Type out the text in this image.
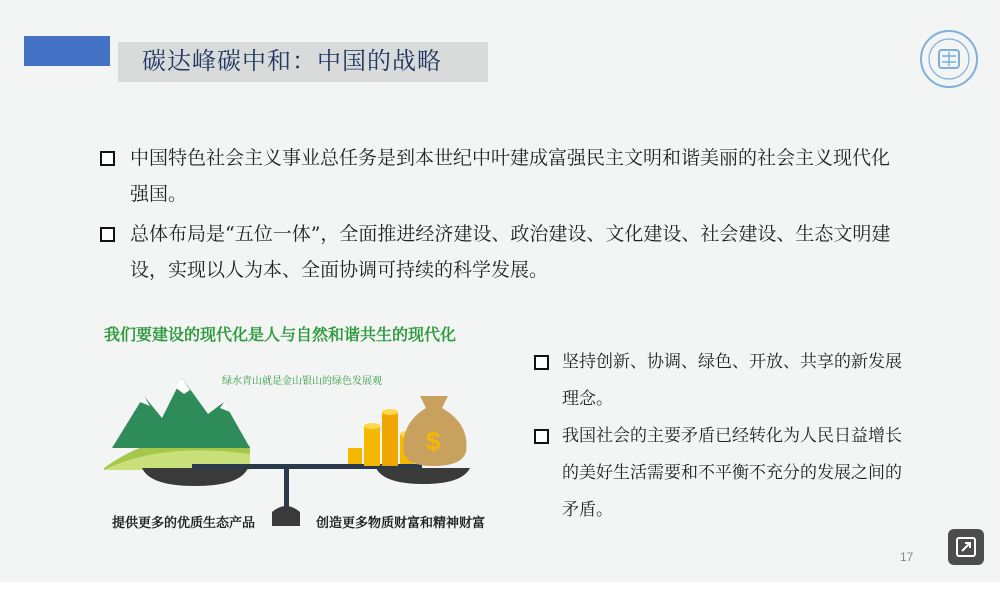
碳达峰碳中和：中国的战略
中国特色社会主义事业总任务是到本世纪中叶建成富强民主文明和谐美丽的社会主义现代化强国。
总体布局是“五位一体”，全面推进经济建设、政治建设、文化建设、社会建设、生态文明建设，实现以人为本、全面协调可持续的科学发展。
我们要建设的现代化是人与自然和谐共生的现代化
$
绿水青山就是金山银山的绿色发展观
提供更多的优质生态产品	创造更多物质财富和精神财富
坚持创新、协调、绿色、开放、共享的新发展理念。
我国社会的主要矛盾已经转化为人民日益增长的美好生活需要和不平衡不充分的发展之间的矛盾。
17
